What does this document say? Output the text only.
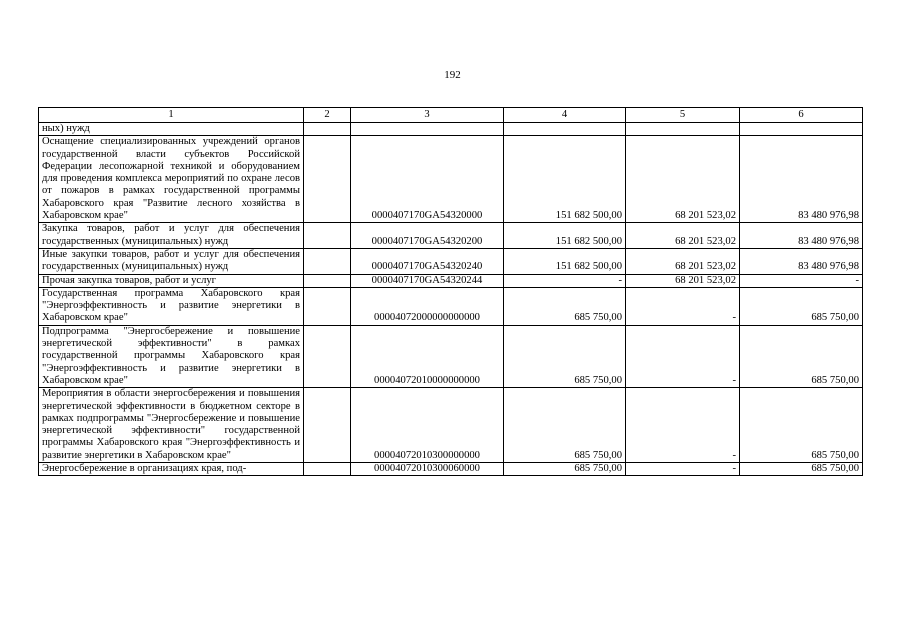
192
1	2	3	4	5	6
ных) нужд					
Оснащение специализированных учреждений органов государственной власти субъектов Российской Федерации лесопожарной техникой и оборудованием для проведения комплекса мероприятий по охране лесов от пожаров в рамках государственной программы Хабаровского края "Развитие лесного хозяйства в Хабаровском крае"		0000407170GA54320000	151 682 500,00	68 201 523,02	83 480 976,98
Закупка товаров, работ и услуг для обеспечения государственных (муниципальных) нужд		0000407170GA54320200	151 682 500,00	68 201 523,02	83 480 976,98
Иные закупки товаров, работ и услуг для обеспечения государственных (муниципальных) нужд		0000407170GA54320240	151 682 500,00	68 201 523,02	83 480 976,98
Прочая закупка товаров, работ и услуг		0000407170GA54320244	-	68 201 523,02	-
Государственная программа Хабаровского края "Энергоэффективность и развитие энергетики в Хабаровском крае"		00004072000000000000	685 750,00	-	685 750,00
Подпрограмма "Энергосбережение и повышение энергетической эффективности" в рамках государственной программы Хабаровского края "Энергоэффективность и развитие энергетики в Хабаровском крае"		00004072010000000000	685 750,00	-	685 750,00
Мероприятия в области энергосбережения и повышения энергетической эффективности в бюджетном секторе в рамках подпрограммы "Энергосбережение и повышение энергетической эффективности" государственной программы Хабаровского края "Энергоэффективность и развитие энергетики в Хабаровском крае"		00004072010300000000	685 750,00	-	685 750,00
Энергосбережение в организациях края, под-		00004072010300060000	685 750,00	-	685 750,00
